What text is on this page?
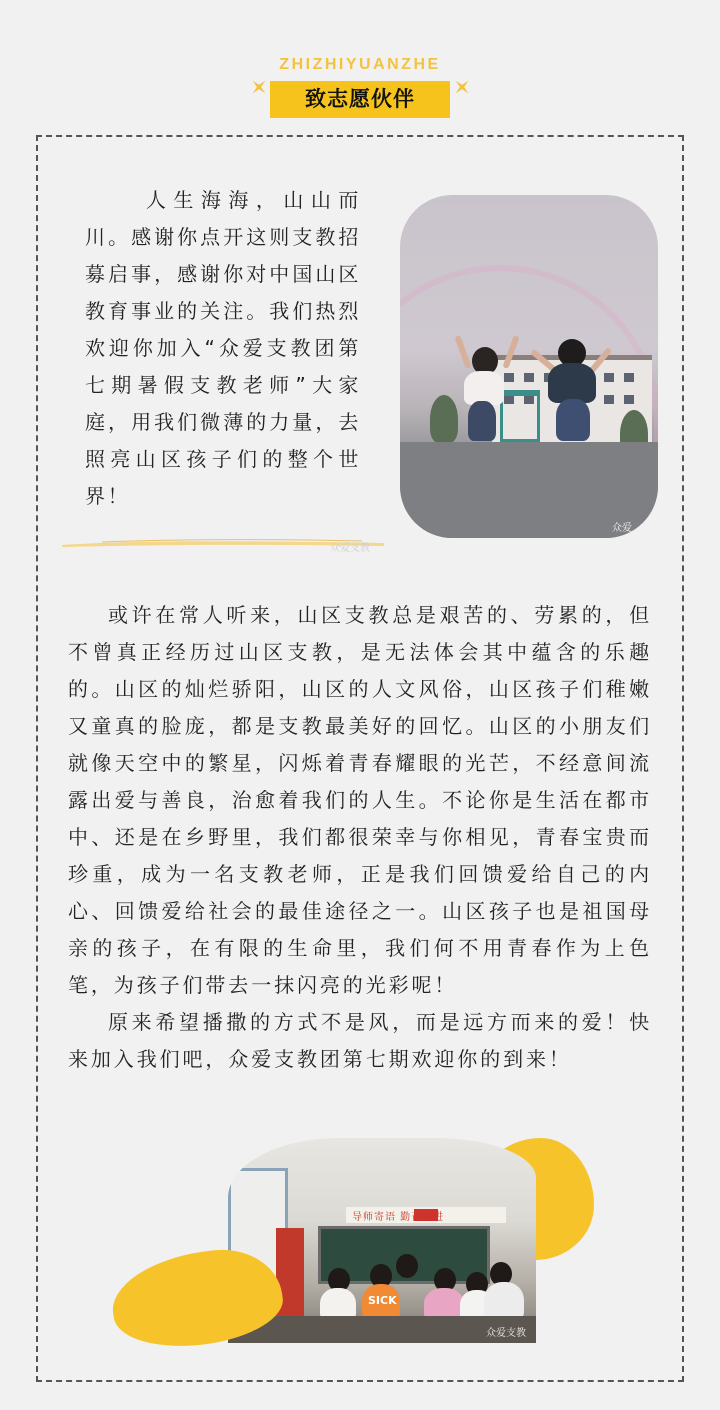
ZHIZHIYUANZHE
致志愿伙伴
人生海海，山山而川。感谢你点开这则支教招募启事，感谢你对中国山区教育事业的关注。我们热烈欢迎你加入“众爱支教团第七期暑假支教老师”大家庭，用我们微薄的力量，去照亮山区孩子们的整个世界！
众爱
众爱支教

或许在常人听来，山区支教总是艰苦的、劳累的，但不曾真正经历过山区支教，是无法体会其中蕴含的乐趣的。山区的灿烂骄阳，山区的人文风俗，山区孩子们稚嫩又童真的脸庞，都是支教最美好的回忆。山区的小朋友们就像天空中的繁星，闪烁着青春耀眼的光芒，不经意间流露出爱与善良，治愈着我们的人生。不论你是生活在都市中、还是在乡野里，我们都很荣幸与你相见，青春宝贵而珍重，成为一名支教老师，正是我们回馈爱给自己的内心、回馈爱给社会的最佳途径之一。山区孩子也是祖国母亲的孩子，在有限的生命里，我们何不用青春作为上色笔，为孩子们带去一抹闪亮的光彩呢！

原来希望播撒的方式不是风，而是远方而来的爱！快来加入我们吧，众爱支教团第七期欢迎你的到来！

导师寄语 勤奋精进
SICK
众爱支教
